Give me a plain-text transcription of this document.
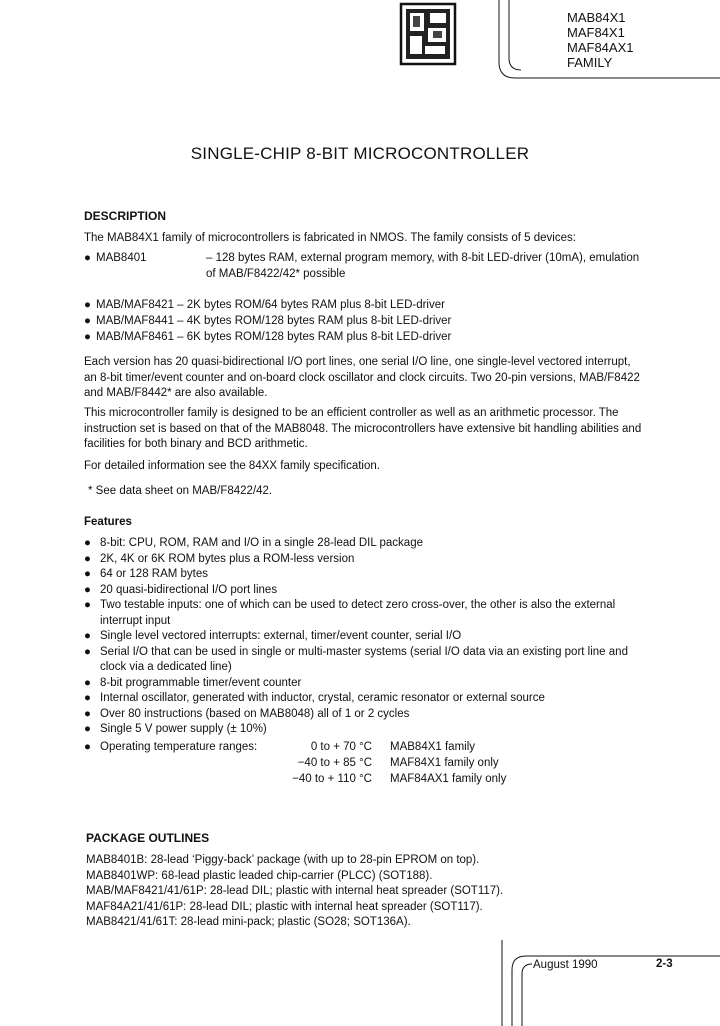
MAB84X1
MAF84X1
MAF84AX1
FAMILY
SINGLE-CHIP 8-BIT MICROCONTROLLER
DESCRIPTION
The MAB84X1 family of microcontrollers is fabricated in NMOS. The family consists of 5 devices:
● MAB8401	– 128 bytes RAM, external program memory, with 8-bit LED-driver (10mA), emulation of MAB/F8422/42* possible
● MAB/MAF8421 – 2K bytes ROM/64 bytes RAM plus 8-bit LED-driver
● MAB/MAF8441 – 4K bytes ROM/128 bytes RAM plus 8-bit LED-driver
● MAB/MAF8461 – 6K bytes ROM/128 bytes RAM plus 8-bit LED-driver
Each version has 20 quasi-bidirectional I/O port lines, one serial I/O line, one single-level vectored interrupt, an 8-bit timer/event counter and on-board clock oscillator and clock circuits. Two 20-pin versions, MAB/F8422 and MAB/F8442* are also available.
This microcontroller family is designed to be an efficient controller as well as an arithmetic processor. The instruction set is based on that of the MAB8048. The microcontrollers have extensive bit handling abilities and facilities for both binary and BCD arithmetic.
For detailed information see the 84XX family specification.
* See data sheet on MAB/F8422/42.
Features
● 8-bit: CPU, ROM, RAM and I/O in a single 28-lead DIL package
● 2K, 4K or 6K ROM bytes plus a ROM-less version
● 64 or 128 RAM bytes
● 20 quasi-bidirectional I/O port lines
● Two testable inputs: one of which can be used to detect zero cross-over, the other is also the external interrupt input
● Single level vectored interrupts: external, timer/event counter, serial I/O
● Serial I/O that can be used in single or multi-master systems (serial I/O data via an existing port line and clock via a dedicated line)
● 8-bit programmable timer/event counter
● Internal oscillator, generated with inductor, crystal, ceramic resonator or external source
● Over 80 instructions (based on MAB8048) all of 1 or 2 cycles
● Single 5 V power supply (± 10%)
● Operating temperature ranges:	0 to + 70 °C MAB84X1 family
−40 to + 85 °C MAF84X1 family only
−40 to + 110 °C MAF84AX1 family only
PACKAGE OUTLINES
MAB8401B: 28-lead ‘Piggy-back’ package (with up to 28-pin EPROM on top).
MAB8401WP: 68-lead plastic leaded chip-carrier (PLCC) (SOT188).
MAB/MAF8421/41/61P: 28-lead DIL; plastic with internal heat spreader (SOT117).
MAF84A21/41/61P: 28-lead DIL; plastic with internal heat spreader (SOT117).
MAB8421/41/61T: 28-lead mini-pack; plastic (SO28; SOT136A).
August 1990	2-3
